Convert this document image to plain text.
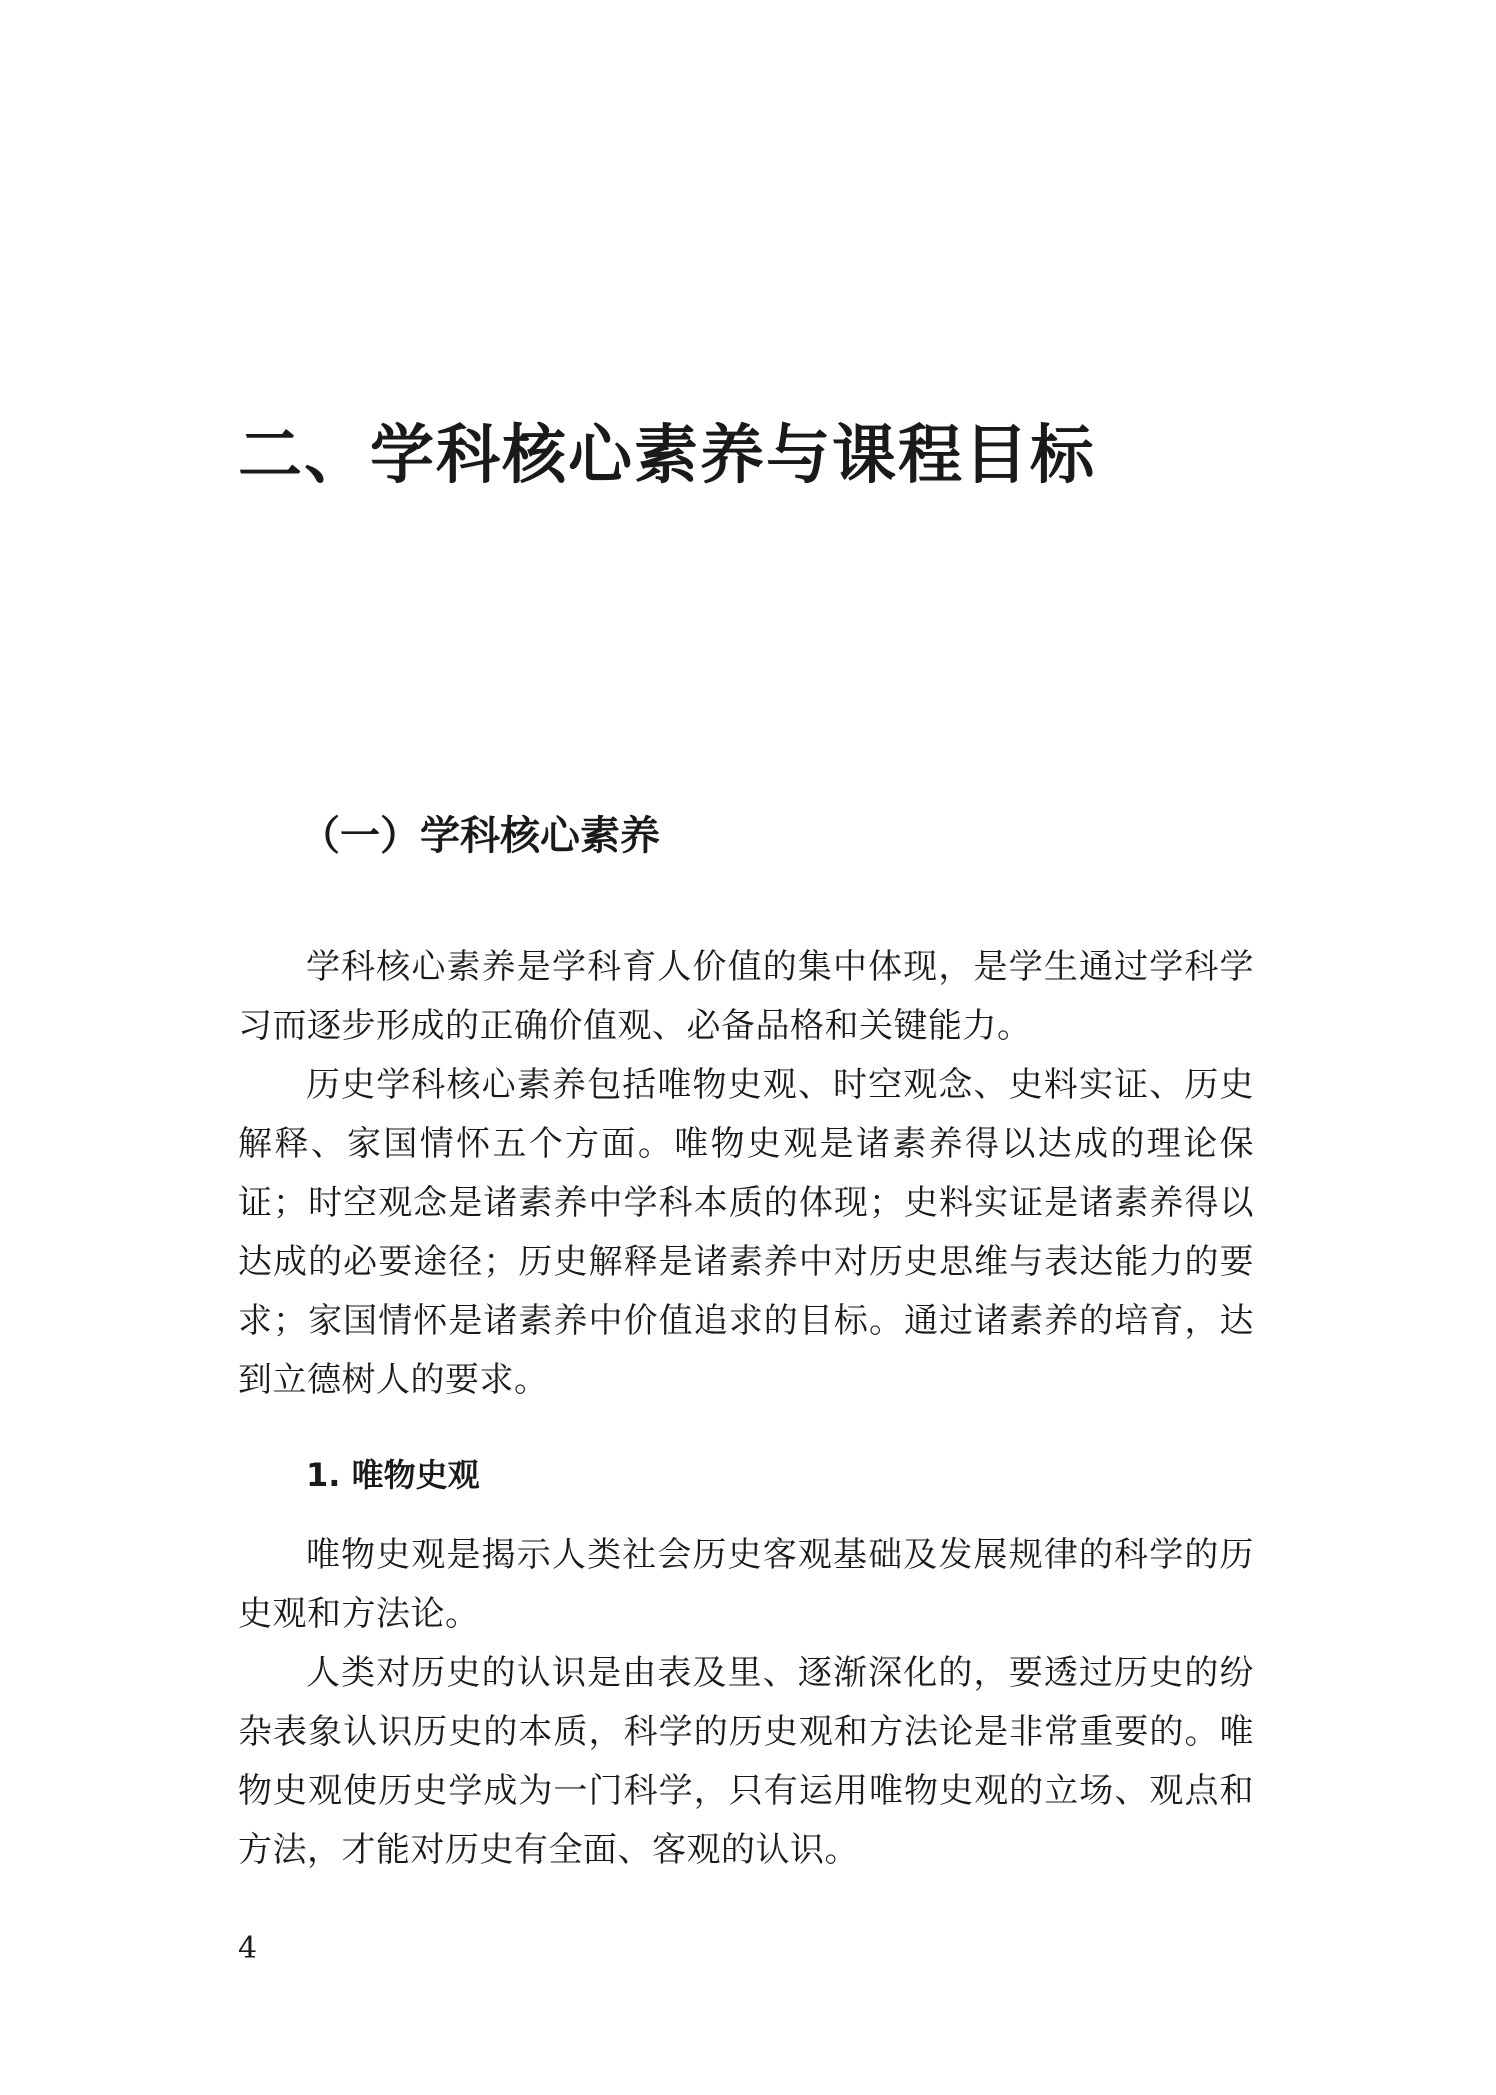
二、学科核心素养与课程目标
（一）学科核心素养

学科核心素养是学科育人价值的集中体现，是学生通过学科学习而逐步形成的正确价值观、必备品格和关键能力。

历史学科核心素养包括唯物史观、时空观念、史料实证、历史解释、家国情怀五个方面。唯物史观是诸素养得以达成的理论保证；时空观念是诸素养中学科本质的体现；史料实证是诸素养得以达成的必要途径；历史解释是诸素养中对历史思维与表达能力的要求；家国情怀是诸素养中价值追求的目标。通过诸素养的培育，达到立德树人的要求。

1. 唯物史观

唯物史观是揭示人类社会历史客观基础及发展规律的科学的历史观和方法论。

人类对历史的认识是由表及里、逐渐深化的，要透过历史的纷杂表象认识历史的本质，科学的历史观和方法论是非常重要的。唯物史观使历史学成为一门科学，只有运用唯物史观的立场、观点和方法，才能对历史有全面、客观的认识。

4
